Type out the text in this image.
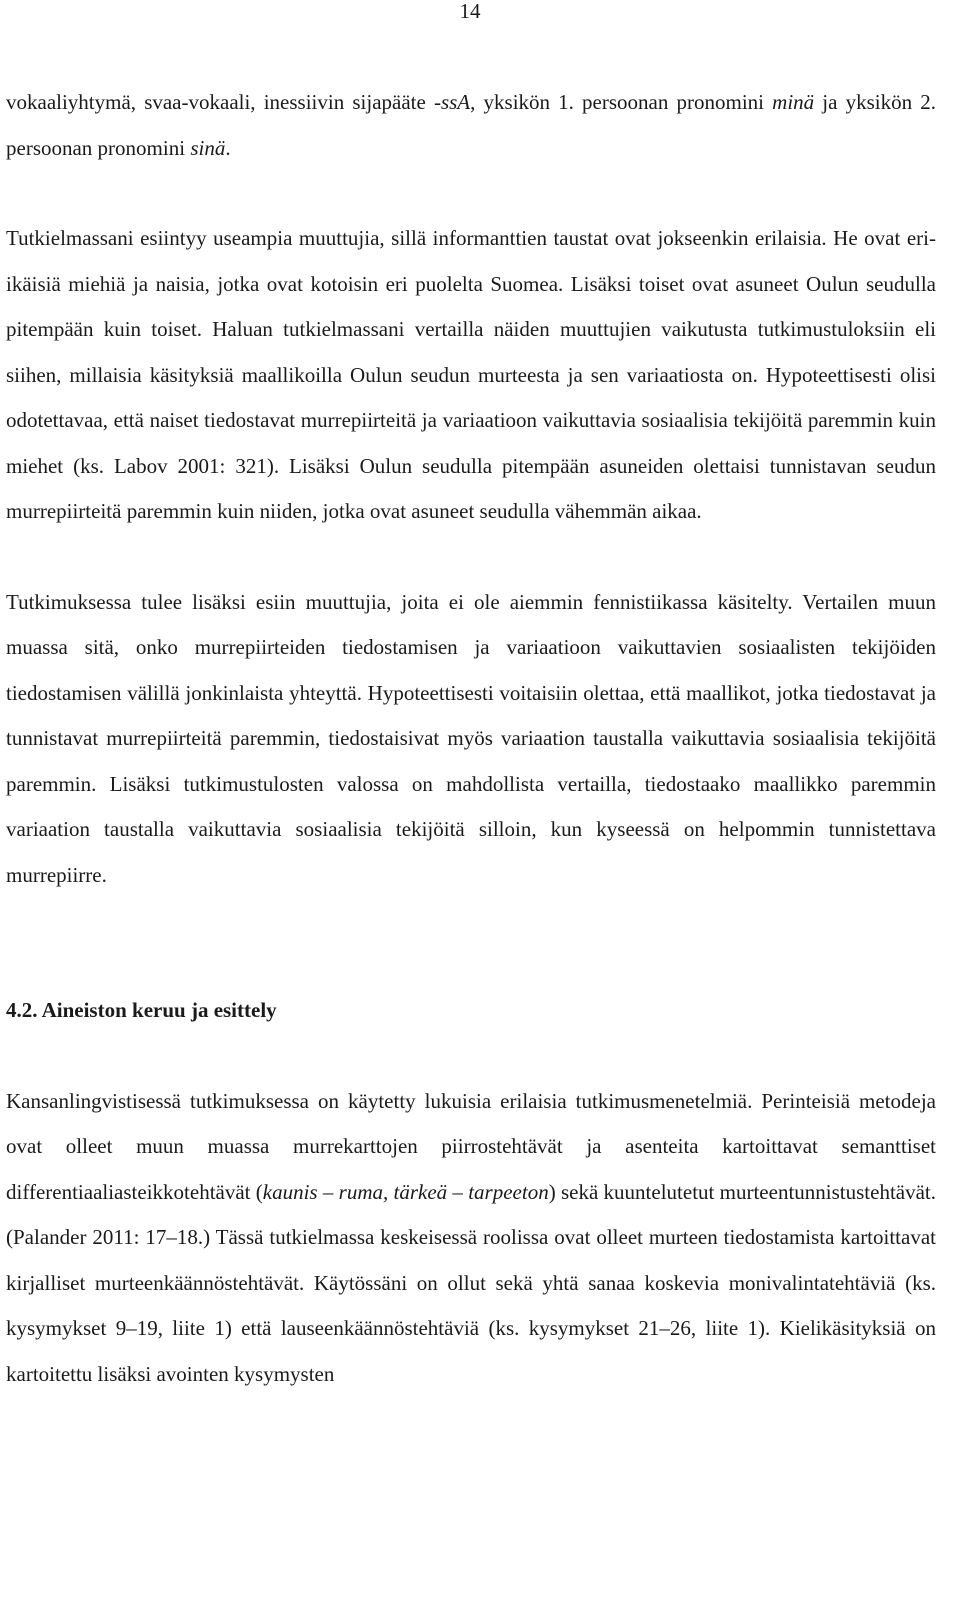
14

vokaaliyhtymä, svaa-vokaali, inessiivin sijapääte -ssA, yksikön 1. persoonan pronomini minä ja yksikön 2. persoonan pronomini sinä.

Tutkielmassani esiintyy useampia muuttujia, sillä informanttien taustat ovat jokseenkin erilaisia. He ovat eri-ikäisiä miehiä ja naisia, jotka ovat kotoisin eri puolelta Suomea. Lisäksi toiset ovat asuneet Oulun seudulla pitempään kuin toiset. Haluan tutkielmassani vertailla näiden muuttujien vaikutusta tutkimustuloksiin eli siihen, millaisia käsityksiä maallikoilla Oulun seudun murteesta ja sen variaatiosta on. Hypoteettisesti olisi odotettavaa, että naiset tiedostavat murrepiirteitä ja variaatioon vaikuttavia sosiaalisia tekijöitä paremmin kuin miehet (ks. Labov 2001: 321). Lisäksi Oulun seudulla pitempään asuneiden olettaisi tunnistavan seudun murrepiirteitä paremmin kuin niiden, jotka ovat asuneet seudulla vähemmän aikaa.

Tutkimuksessa tulee lisäksi esiin muuttujia, joita ei ole aiemmin fennistiikassa käsitelty. Vertailen muun muassa sitä, onko murrepiirteiden tiedostamisen ja variaatioon vaikuttavien sosiaalisten tekijöiden tiedostamisen välillä jonkinlaista yhteyttä. Hypoteettisesti voitaisiin olettaa, että maallikot, jotka tiedostavat ja tunnistavat murrepiirteitä paremmin, tiedostaisivat myös variaation taustalla vaikuttavia sosiaalisia tekijöitä paremmin. Lisäksi tutkimustulosten valossa on mahdollista vertailla, tiedostaako maallikko paremmin variaation taustalla vaikuttavia sosiaalisia tekijöitä silloin, kun kyseessä on helpommin tunnistettava murrepiirre.

4.2. Aineiston keruu ja esittely

Kansanlingvistisessä tutkimuksessa on käytetty lukuisia erilaisia tutkimusmenetelmiä. Perinteisiä metodeja ovat olleet muun muassa murrekarttojen piirrostehtävät ja asenteita kartoittavat semanttiset differentiaaliasteikkotehtävät (kaunis – ruma, tärkeä – tarpeeton) sekä kuuntelutetut murteentunnistustehtävät. (Palander 2011: 17–18.) Tässä tutkielmassa keskeisessä roolissa ovat olleet murteen tiedostamista kartoittavat kirjalliset murteenkäännöstehtävät. Käytössäni on ollut sekä yhtä sanaa koskevia monivalintatehtäviä (ks. kysymykset 9–19, liite 1) että lauseenkäännöstehtäviä (ks. kysymykset 21–26, liite 1). Kielikäsityksiä on kartoitettu lisäksi avointen kysymysten
